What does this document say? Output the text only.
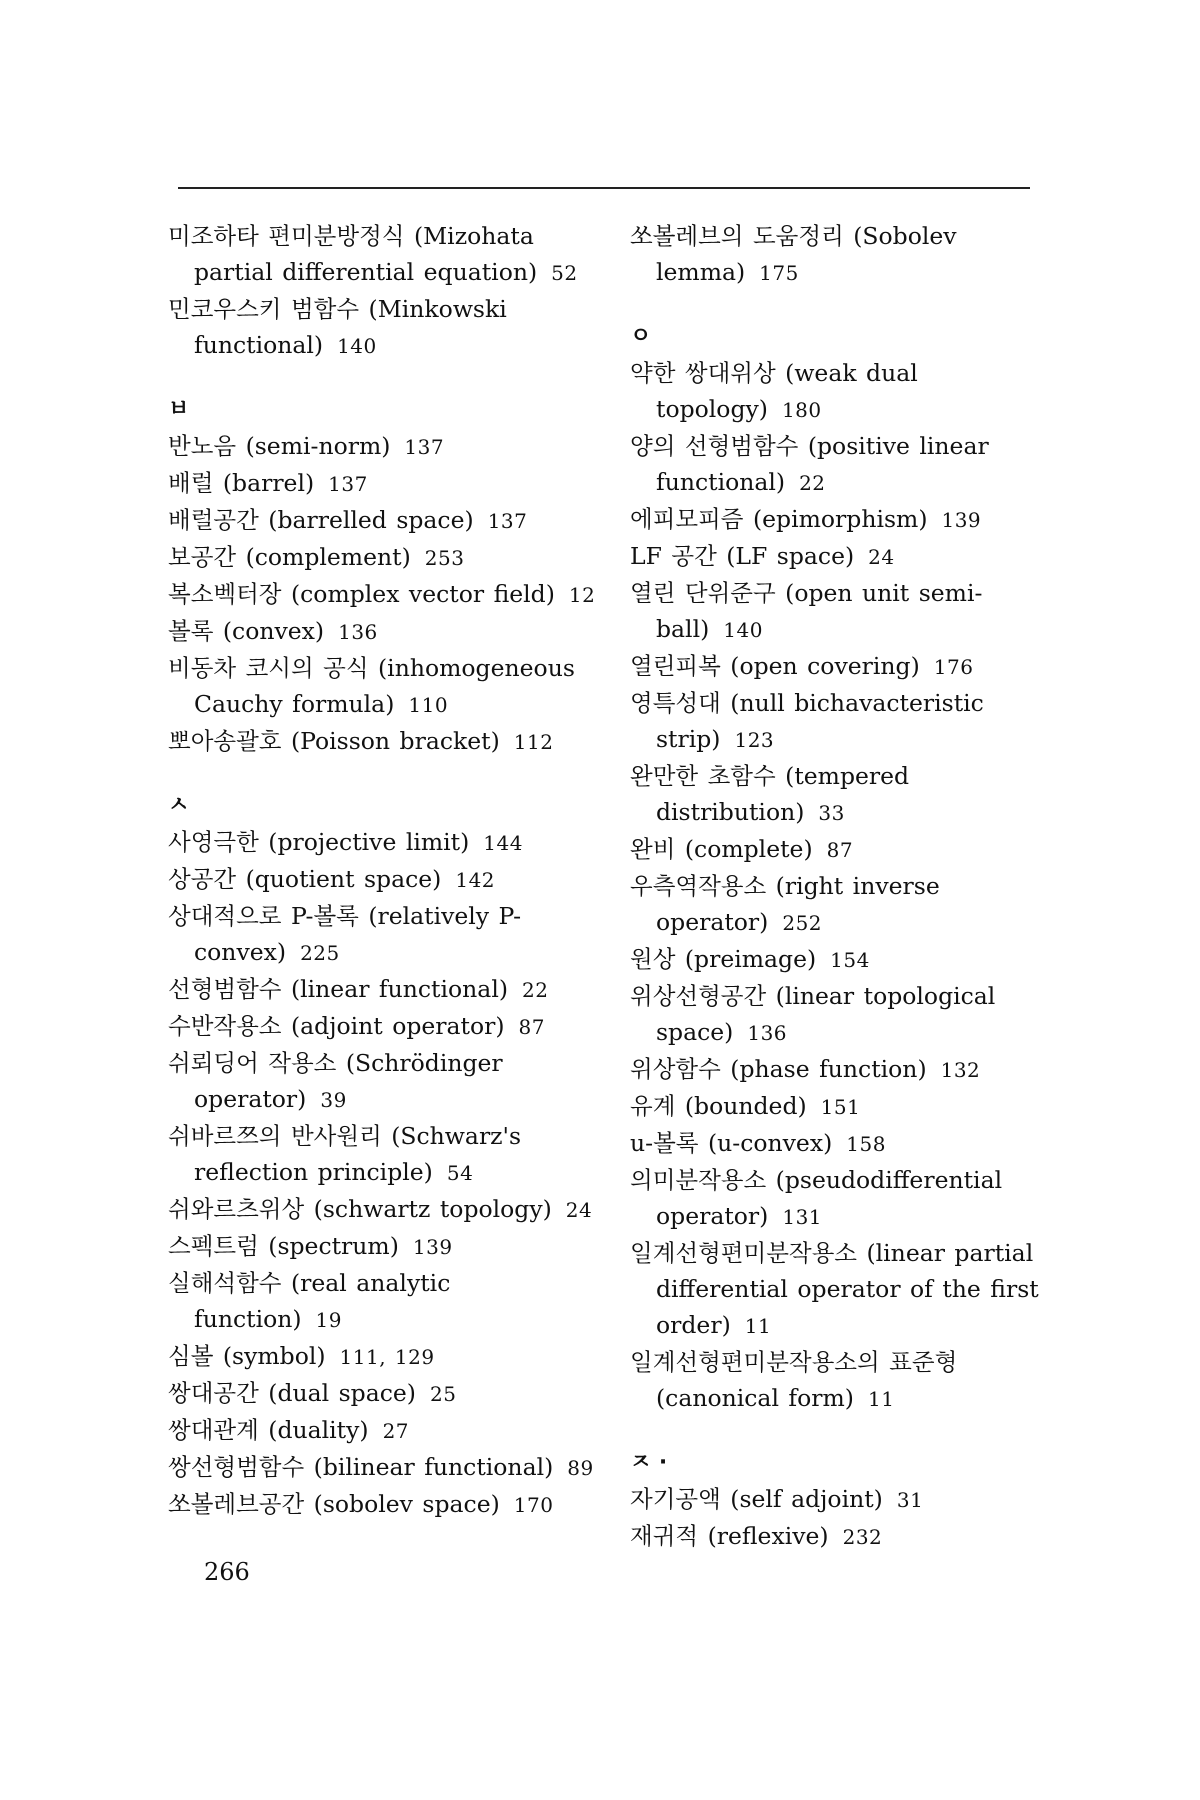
미조하타 편미분방정식 (Mizohata partial differential equation) 52
민코우스키 범함수 (Minkowski functional) 140
ㅂ
반노음 (semi-norm) 137
배럴 (barrel) 137
배럴공간 (barrelled space) 137
보공간 (complement) 253
복소벡터장 (complex vector field) 12
볼록 (convex) 136
비동차 코시의 공식 (inhomogeneous Cauchy formula) 110
뽀아송괄호 (Poisson bracket) 112
ㅅ
사영극한 (projective limit) 144
상공간 (quotient space) 142
상대적으로 P-볼록 (relatively P-convex) 225
선형범함수 (linear functional) 22
수반작용소 (adjoint operator) 87
쉬뢰딩어 작용소 (Schrödinger operator) 39
쉬바르쯔의 반사원리 (Schwarz's reflection principle) 54
쉬와르츠위상 (schwartz topology) 24
스펙트럼 (spectrum) 139
실해석함수 (real analytic function) 19
심볼 (symbol) 111, 129
쌍대공간 (dual space) 25
쌍대관계 (duality) 27
쌍선형범함수 (bilinear functional) 89
쏘볼레브공간 (sobolev space) 170
쏘볼레브의 도움정리 (Sobolev lemma) 175
ㅇ
약한 쌍대위상 (weak dual topology) 180
양의 선형범함수 (positive linear functional) 22
에피모피즘 (epimorphism) 139
LF 공간 (LF space) 24
열린 단위준구 (open unit semi-ball) 140
열린피복 (open covering) 176
영특성대 (null bichavacteristic strip) 123
완만한 초함수 (tempered distribution) 33
완비 (complete) 87
우측역작용소 (right inverse operator) 252
원상 (preimage) 154
위상선형공간 (linear topological space) 136
위상함수 (phase function) 132
유계 (bounded) 151
u-볼록 (u-convex) 158
의미분작용소 (pseudodifferential operator) 131
일계선형편미분작용소 (linear partial differential operator of the first order) 11
일계선형편미분작용소의 표준형 (canonical form) 11
ㅈ ·
자기공액 (self adjoint) 31
재귀적 (reflexive) 232
266
